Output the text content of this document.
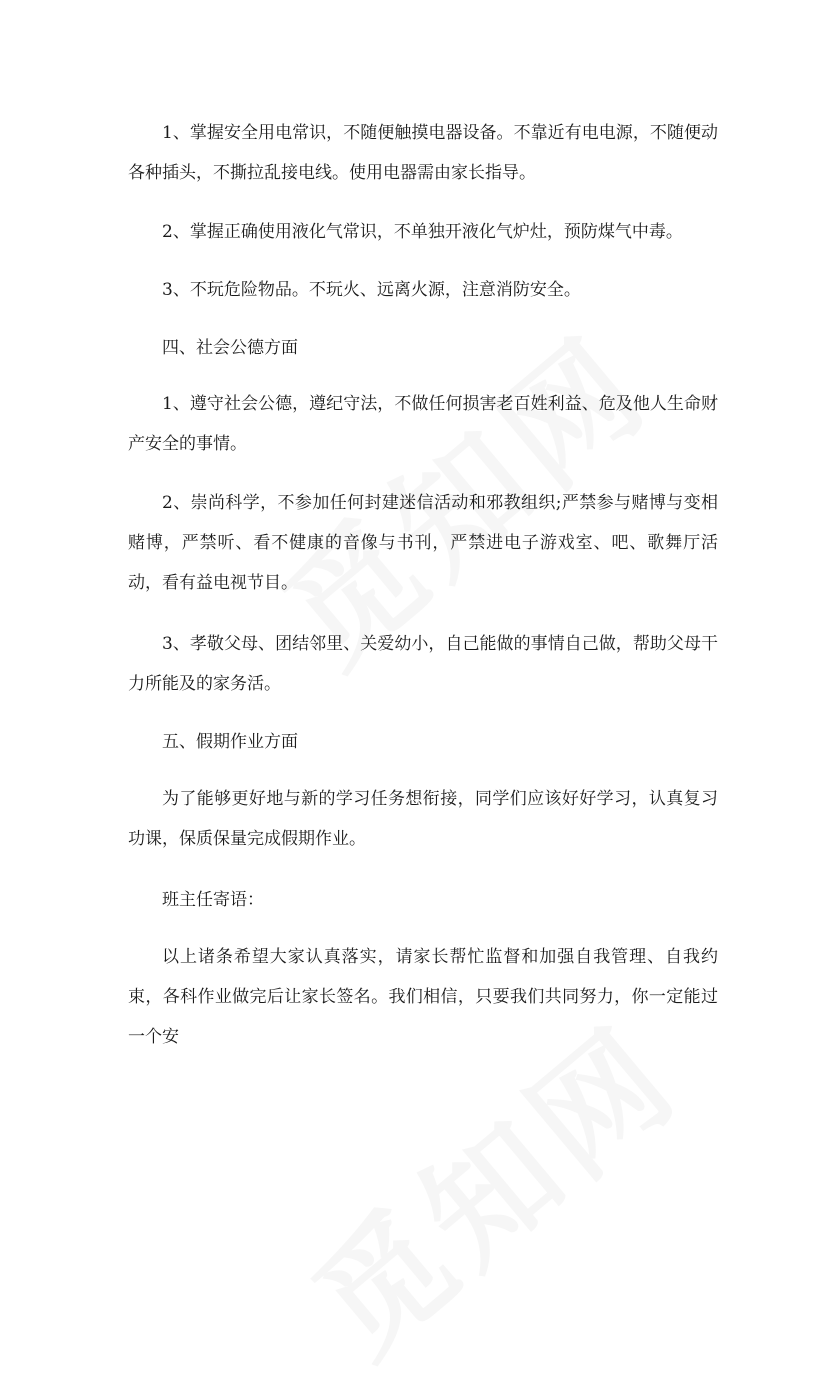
1、掌握安全用电常识，不随便触摸电器设备。不靠近有电电源，不随便动各种插头，不撕拉乱接电线。使用电器需由家长指导。

2、掌握正确使用液化气常识，不单独开液化气炉灶，预防煤气中毒。

3、不玩危险物品。不玩火、远离火源，注意消防安全。

四、社会公德方面

1、遵守社会公德，遵纪守法，不做任何损害老百姓利益、危及他人生命财产安全的事情。

2、崇尚科学，不参加任何封建迷信活动和邪教组织;严禁参与赌博与变相赌博，严禁听、看不健康的音像与书刊，严禁进电子游戏室、吧、歌舞厅活动，看有益电视节目。

3、孝敬父母、团结邻里、关爱幼小，自己能做的事情自己做，帮助父母干力所能及的家务活。

五、假期作业方面

为了能够更好地与新的学习任务想衔接，同学们应该好好学习，认真复习功课，保质保量完成假期作业。

班主任寄语：

以上诸条希望大家认真落实，请家长帮忙监督和加强自我管理、自我约束，各科作业做完后让家长签名。我们相信，只要我们共同努力，你一定能过一个安
